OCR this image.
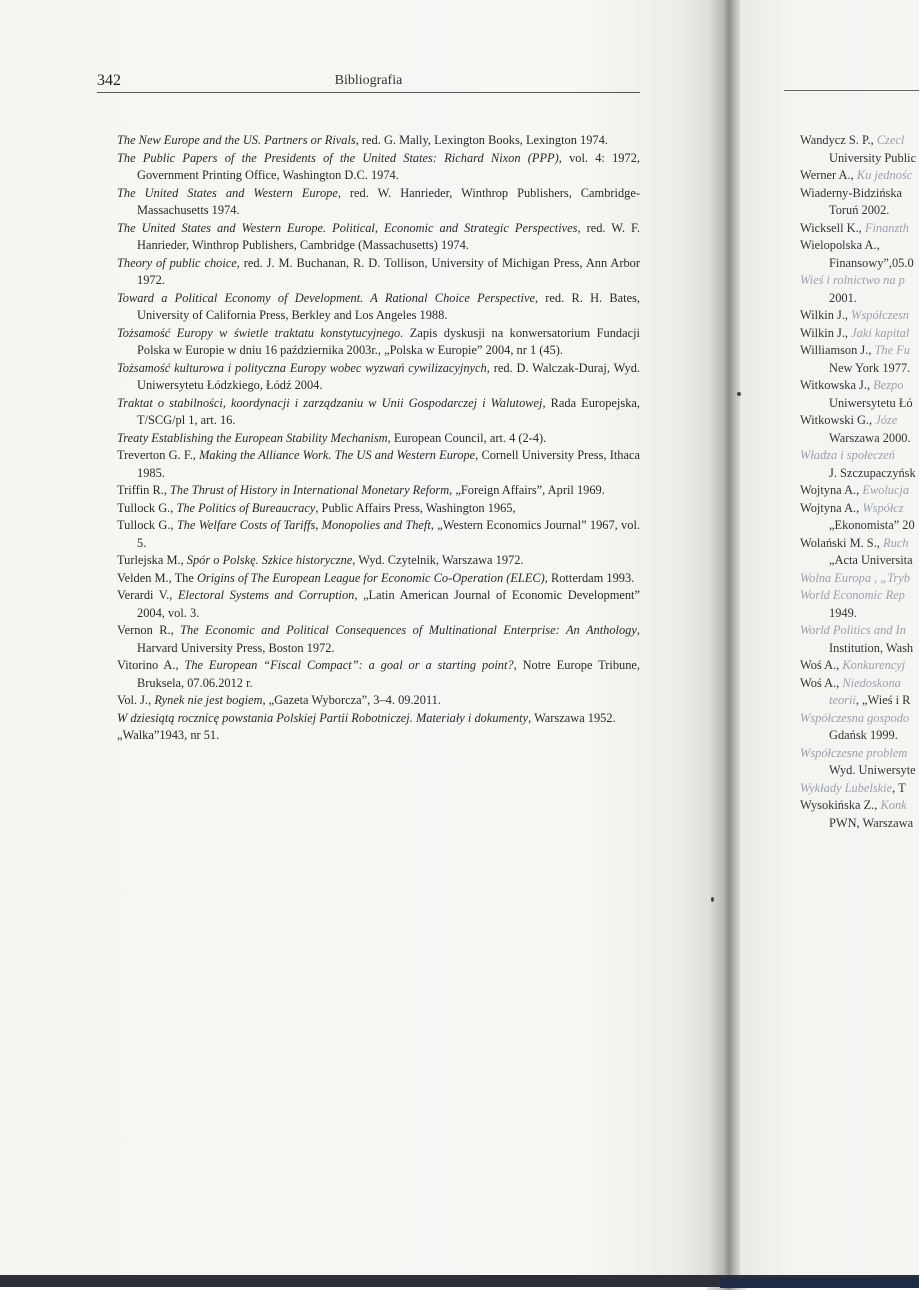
342	Bibliografia

The New Europe and the US. Partners or Rivals, red. G. Mally, Lexington Books, Lexington 1974.

The Public Papers of the Presidents of the United States: Richard Nixon (PPP), vol. 4: 1972, Government Printing Office, Washington D.C. 1974.

The United States and Western Europe, red. W. Hanrieder, Winthrop Publishers, Cambridge-Massachusetts 1974.

The United States and Western Europe. Political, Economic and Strategic Perspectives, red. W. F. Hanrieder, Winthrop Publishers, Cambridge (Massachusetts) 1974.

Theory of public choice, red. J. M. Buchanan, R. D. Tollison, University of Michigan Press, Ann Arbor 1972.

Toward a Political Economy of Development. A Rational Choice Perspective, red. R. H. Bates, University of California Press, Berkley and Los Angeles 1988.

Tożsamość Europy w świetle traktatu konstytucyjnego. Zapis dyskusji na konwersatorium Fundacji Polska w Europie w dniu 16 października 2003r., „Polska w Europie” 2004, nr 1 (45).

Tożsamość kulturowa i polityczna Europy wobec wyzwań cywilizacyjnych, red. D. Walczak-Duraj, Wyd. Uniwersytetu Łódzkiego, Łódź 2004.

Traktat o stabilności, koordynacji i zarządzaniu w Unii Gospodarczej i Walutowej, Rada Europejska, T/SCG/pl 1, art. 16.

Treaty Establishing the European Stability Mechanism, European Council, art. 4 (2-4).

Treverton G. F., Making the Alliance Work. The US and Western Europe, Cornell University Press, Ithaca 1985.

Triffin R., The Thrust of History in International Monetary Reform, „Foreign Affairs”, April 1969.

Tullock G., The Politics of Bureaucracy, Public Affairs Press, Washington 1965,

Tullock G., The Welfare Costs of Tariffs, Monopolies and Theft, „Western Economics Journal” 1967, vol. 5.

Turlejska M., Spór o Polskę. Szkice historyczne, Wyd. Czytelnik, Warszawa 1972.

Velden M., The Origins of The European League for Economic Co-Operation (ELEC), Rotterdam 1993.

Verardi V., Electoral Systems and Corruption, „Latin American Journal of Economic Development” 2004, vol. 3.

Vernon R., The Economic and Political Consequences of Multinational Enterprise: An Anthology, Harvard University Press, Boston 1972.

Vitorino A., The European “Fiscal Compact”: a goal or a starting point?, Notre Europe Tribune, Bruksela, 07.06.2012 r.

Vol. J., Rynek nie jest bogiem, „Gazeta Wyborcza”, 3–4. 09.2011.

W dziesiątą rocznicę powstania Polskiej Partii Robotniczej. Materiały i dokumenty, Warszawa 1952.

„Walka”1943, nr 51.

Wandycz S. P., Czecl
University Public
Werner A., Ku jednośc
Wiaderny-Bidzińska
Toruń 2002.
Wicksell K., Finanzth
Wielopolska A.,
Finansowy”,05.0
Wieś i rolnictwo na p
2001.
Wilkin J., Współczesn
Wilkin J., Jaki kapital
Williamson J., The Fu
New York 1977.
Witkowska J., Bezpo
Uniwersytetu Łó
Witkowski G., Józe
Warszawa 2000.
Władza i społeczeń
J. Szczupaczyńsk
Wojtyna A., Ewolucja
Wojtyna A., Współcz
„Ekonomista” 20
Wolański M. S., Ruch
„Acta Universita
Wolna Europa , „Tryb
World Economic Rep
1949.
World Politics and In
Institution, Wash
Woś A., Konkurencyj
Woś A., Niedoskona
teorii, „Wieś i R
Współczesna gospodo
Gdańsk 1999.
Współczesne problem
Wyd. Uniwersyte
Wykłady Lubelskie, T
Wysokińska Z., Konk
PWN, Warszawa
